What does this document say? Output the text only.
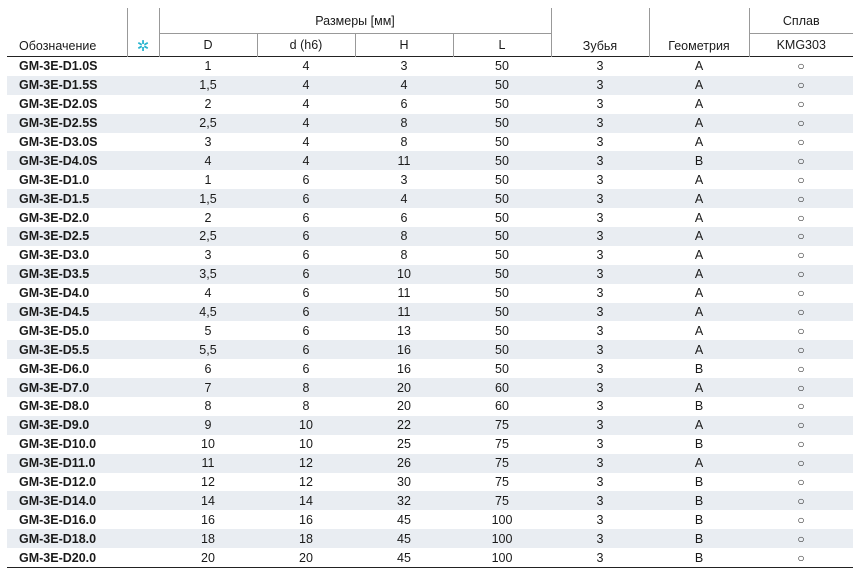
Обозначение	✲	Размеры [мм]				Зубья	Геометрия	Сплав
		D	d (h6)	H	L			KMG303
GM-3E-D1.0S		1	4	3	50	3	A	○
GM-3E-D1.5S		1,5	4	4	50	3	A	○
GM-3E-D2.0S		2	4	6	50	3	A	○
GM-3E-D2.5S		2,5	4	8	50	3	A	○
GM-3E-D3.0S		3	4	8	50	3	A	○
GM-3E-D4.0S		4	4	11	50	3	B	○
GM-3E-D1.0		1	6	3	50	3	A	○
GM-3E-D1.5		1,5	6	4	50	3	A	○
GM-3E-D2.0		2	6	6	50	3	A	○
GM-3E-D2.5		2,5	6	8	50	3	A	○
GM-3E-D3.0		3	6	8	50	3	A	○
GM-3E-D3.5		3,5	6	10	50	3	A	○
GM-3E-D4.0		4	6	11	50	3	A	○
GM-3E-D4.5		4,5	6	11	50	3	A	○
GM-3E-D5.0		5	6	13	50	3	A	○
GM-3E-D5.5		5,5	6	16	50	3	A	○
GM-3E-D6.0		6	6	16	50	3	B	○
GM-3E-D7.0		7	8	20	60	3	A	○
GM-3E-D8.0		8	8	20	60	3	B	○
GM-3E-D9.0		9	10	22	75	3	A	○
GM-3E-D10.0		10	10	25	75	3	B	○
GM-3E-D11.0		11	12	26	75	3	A	○
GM-3E-D12.0		12	12	30	75	3	B	○
GM-3E-D14.0		14	14	32	75	3	B	○
GM-3E-D16.0		16	16	45	100	3	B	○
GM-3E-D18.0		18	18	45	100	3	B	○
GM-3E-D20.0		20	20	45	100	3	B	○
